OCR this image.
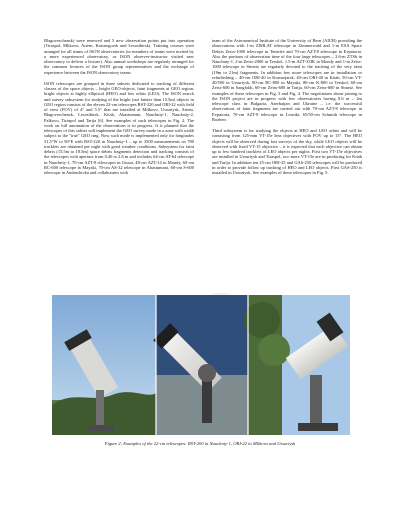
Blagoveschensk) were renewed and 5 new observation points put into operation (Tiraspol, Mlikovo, Artem, Krasnogorsk and Lesosibirsk). Training courses were arranged for all teams of ISON observatories (or members of teams were invited by a more experienced observatory, or ISON observer-instructor visited new observatory to deliver a lecture). Also annual workshops are regularly arranged for the common lectures of the ISON group representatives and the exchange of experience between the ISON observatory teams.

ISON telescopes are grouped in three subsets dedicated to tracking of different classes of the space objects – bright GEO-objects, faint fragments at GEO region, bright objects at highly elliptical (HEO) and low orbits (LEO). The ISON search and survey subsystem for studying of the bright (not fainter than 15.5m) objects in GEO region consists of the eleven 22-cm telescopes RST-220 and ORI-22 with field of view (FOV) of 4° and 5.5° that are installed at Milkovo, Ussuriysk, Artem, Blagoveschensk, Lesosibirsk, Kitab, Abastumani, Nauchniy-1, Nauchniy-2, Palkovo, Tiraspol and Tarija [6]. See examples of such telescopes in Fig. 2. The work on full automation of the observations is in progress. It is planned that the telescopes of this subset will implement the GEO survey mode in a zone with width subject to the "true" GEO ring. Now such mode is implemented only for longitudes 31.5°W to 90°E with RST-220 in Nauchniy-1 – up to 3500 measurements on 780 tracklets are obtained per night with good weather conditions. Subsystem for faint debris (15.5m to 18.5m) space debris fragments detection and tracking consists of the telescopes with aperture from 0.40 to 2.6 m and includes 64-cm AT-64 telescope in Nauchniy-1, 70-cm AZT-8 telescopes in Gissar, 48-cm AZT-14 in Mondy, 60-cm RC-600 telescope in Mayaki, 70-cm AS-32 telescope in Abastumani, 60-cm S-600 telescope in Andrushivka and collaborates with

team of the Astronomical Institute of the University of Bern (AIUB) providing the observations with 1-m ZIMLAT telescope in Zimmerwald and 1-m ESA Space Debris Zeiss-1000 telescope in Tenerife and 70-cm AZT-8 telescope in Evpatoria. Also the portions of observation time of the four large telescopes – 2.6-m ZTSh in Nauchniy-1, 2-m Zeiss-2000 in Terskol, 1.5-m AZT-33IK in Mondy and 1-m Zeiss-1000 telescope in Simeiz are regularly devoted to the tracking of the very faint (19m to 21m) fragments. In addition few more telescopes are in installation or refurbishing – 40-cm ORI-40 in Krasnojarsk, 40-cm ORI-40 in Kitab, 50-cm VT-40/500 in Ussuriysk, 80-cm RC-800 in Mayaki, 80-cm K-800 in Terskol, 60-cm Zeiss-600 in Sanglokh, 60-cm Zeiss-600 in Tarija, 60-cm Zeiss-600 in Simeiz. See examples of these telescopes in Fig. 3 and Fig. 4. The negotiations about joining to the ISON project are in progress with few observatories having 0.6 m – 2m telescope class in Bulgaria, Azerbaijan and Ukraine – i.e. the successful observations of faint fragments are carried out with 70-cm AZT-8 telescope in Evpatoria, 70-cm AZT-8 telescope in Lesniki, 65/50-cm Schmidt telescope in Rozhen.

Third subsystem is for studying the objects at HEO and LEO orbits and will be consisting from 125-mm VT-15e lens objectives with FOV up to 15°. The HEO objects will be observed during fast surveys of the sky, while LEO objects will be observed with fixed VT-15 objective – it is expected that each objective can obtain up to few hundred tracklets of LEO objects per nights. First two VT-15e objectives are installed in Ussuriysk and Tiraspol, two more VT-15e are in producing for Kitab and Tarija. In addition ten 25-cm ORI-25 and GAS-250 telescopes will be produced in order to provide follow up tracking of HEO and LEO objects. First GAS-250 is installed in Ussuriysk. See examples of these telescopes in Fig. 5.

Figure 2: Examples of the 22-cm telescopes: RST-200 in Nauchniy-1, ORI-22 in Mlikovo and Ussuriysk
